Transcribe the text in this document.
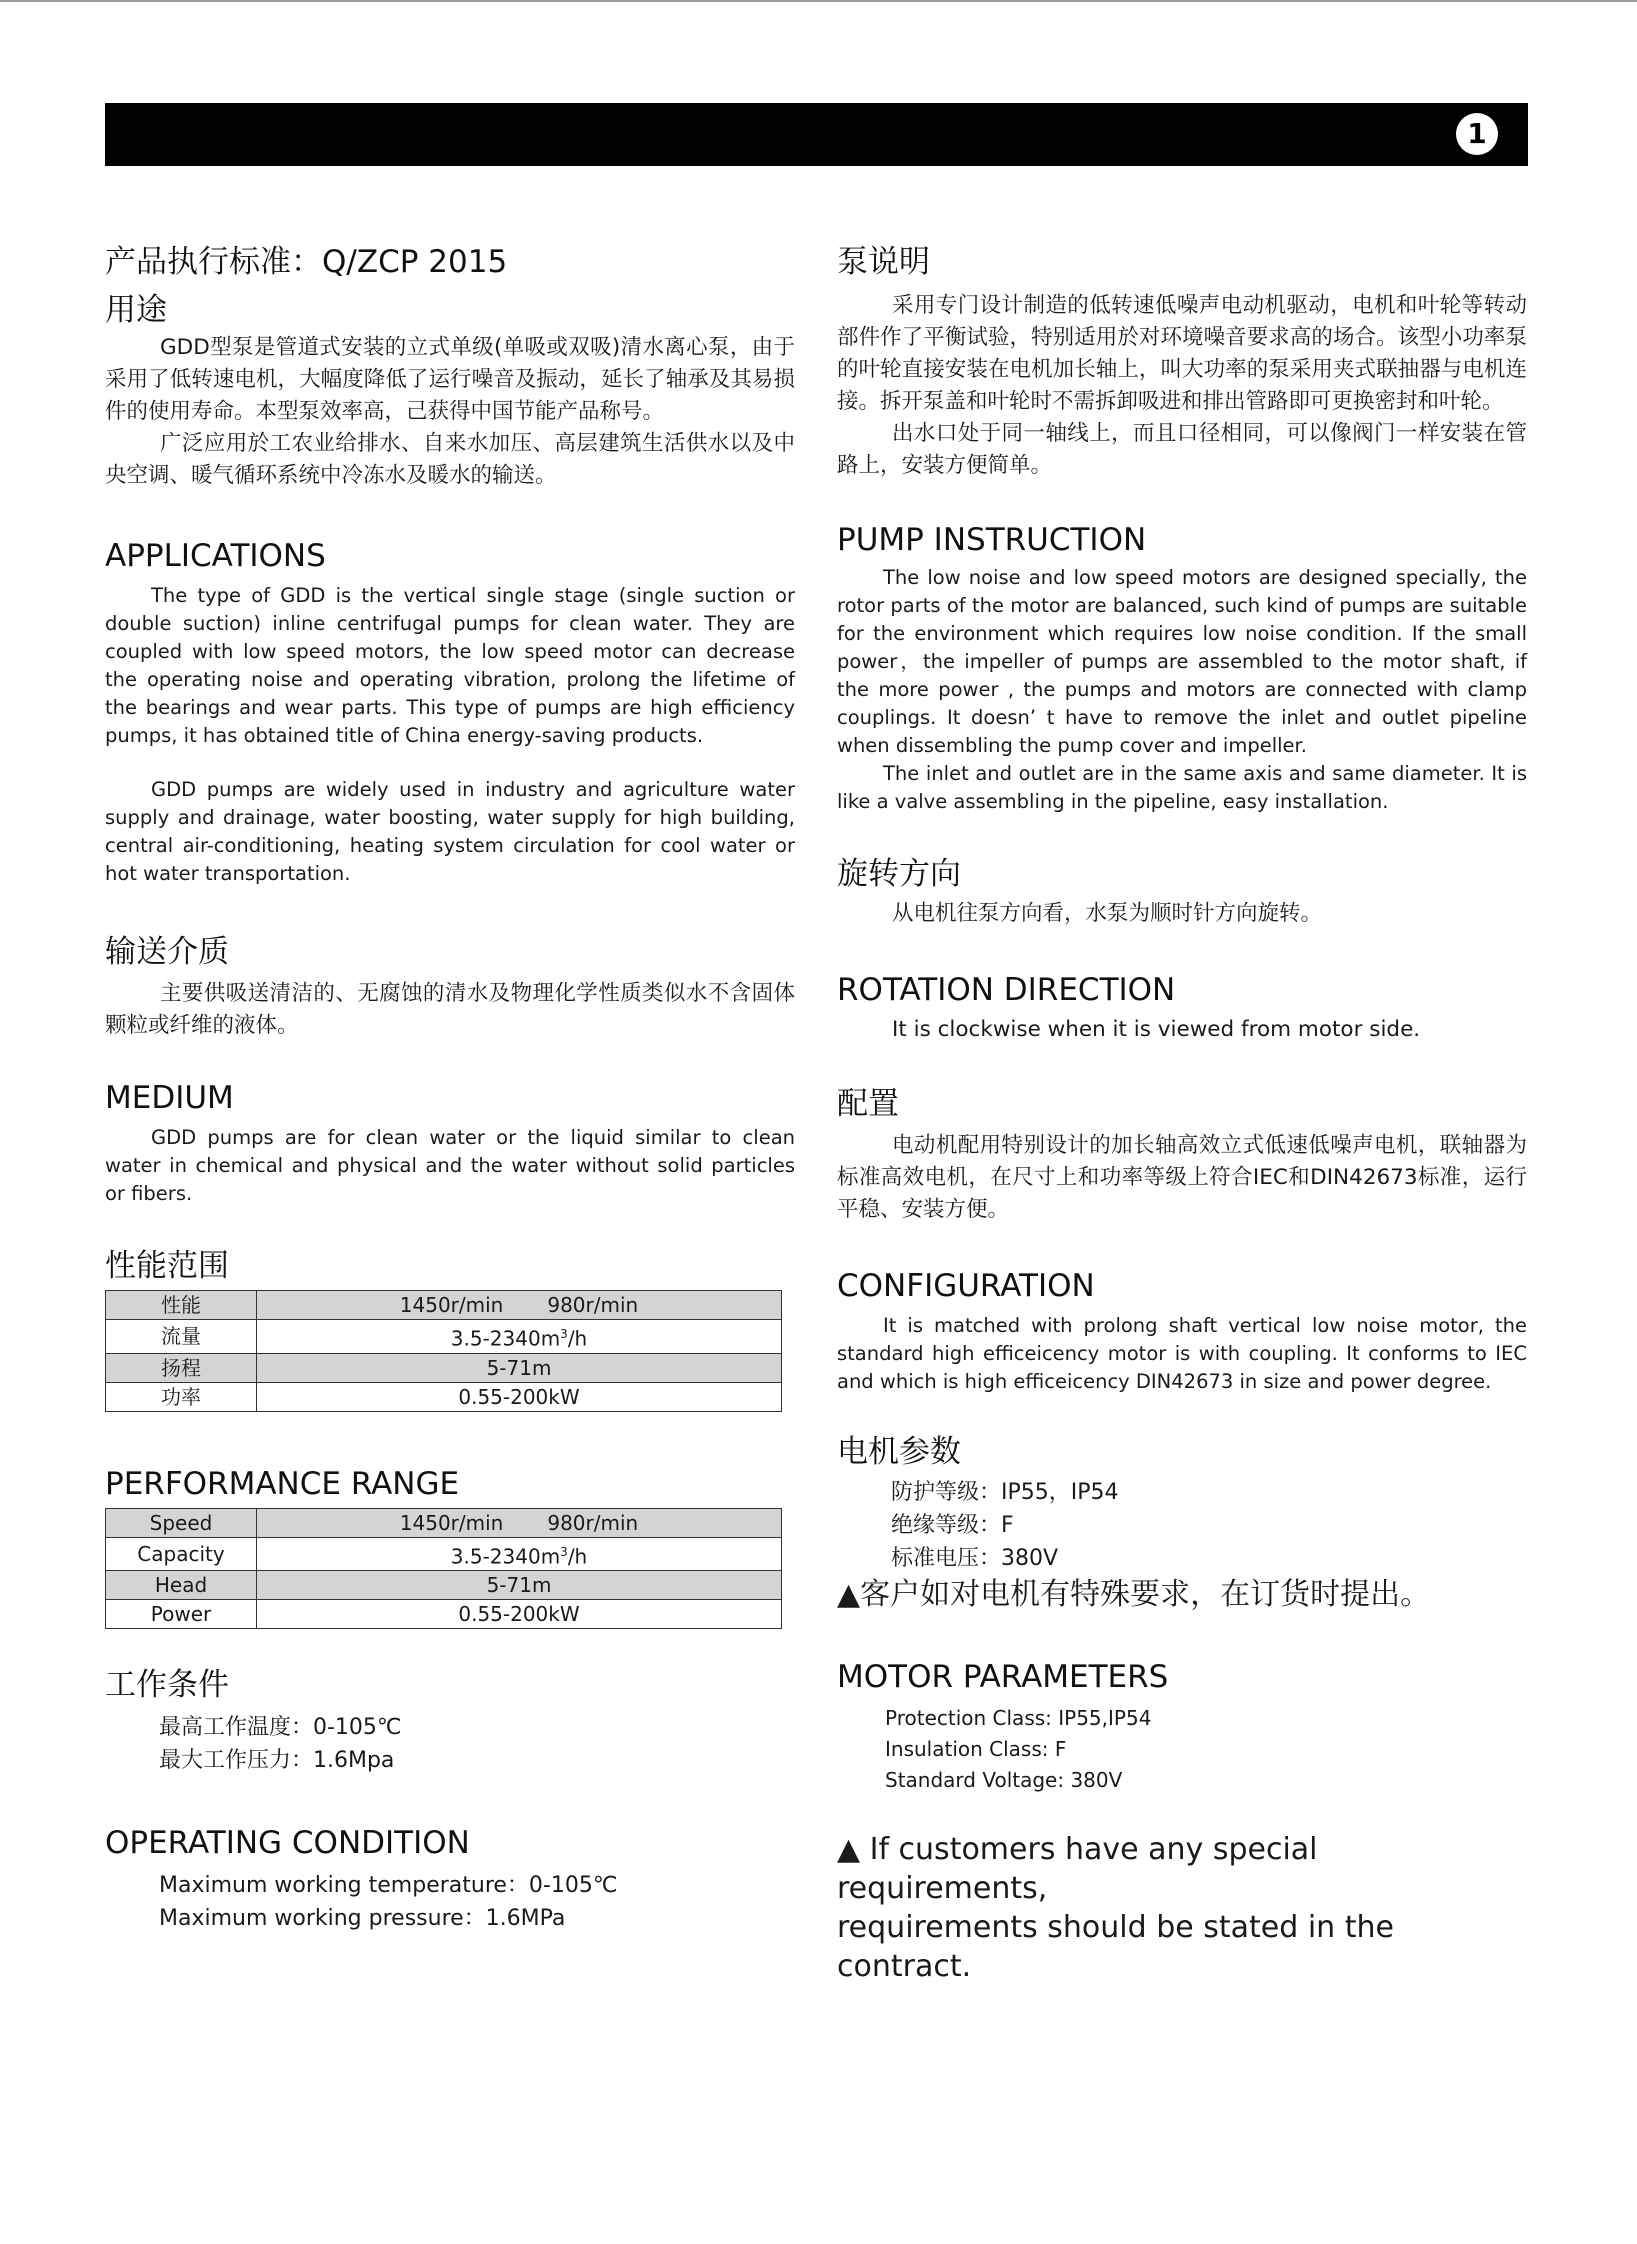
1
产品执行标准：Q/ZCP 2015
用途

GDD型泵是管道式安装的立式单级(单吸或双吸)清水离心泵，由于采用了低转速电机，大幅度降低了运行噪音及振动，延长了轴承及其易损件的使用寿命。本型泵效率高，己获得中国节能产品称号。

广泛应用於工农业给排水、自来水加压、高层建筑生活供水以及中央空调、暖气循环系统中冷冻水及暖水的输送。

APPLICATIONS

The type of GDD is the vertical single stage (single suction or double suction) inline centrifugal pumps for clean water. They are coupled with low speed motors, the low speed motor can decrease the operating noise and operating vibration, prolong the lifetime of the bearings and wear parts. This type of pumps are high efficiency pumps, it has obtained title of China energy-saving products.

GDD pumps are widely used in industry and agriculture water supply and drainage, water boosting, water supply for high building, central air-conditioning, heating system circulation for cool water or hot water transportation.

输送介质

主要供吸送清洁的、无腐蚀的清水及物理化学性质类似水不含固体颗粒或纤维的液体。

MEDIUM

GDD pumps are for clean water or the liquid similar to clean water in chemical and physical and the water without solid particles or fibers.

性能范围
性能	1450r/min 980r/min
流量	$3.5-2340m^3/h$
扬程	5-71m
功率	0.55-200kW
PERFORMANCE RANGE
Speed	1450r/min 980r/min
Capacity	$3.5-2340m^3/h$
Head	5-71m
Power	0.55-200kW
工作条件
最高工作温度：0-105℃
最大工作压力：1.6Mpa
OPERATING CONDITION
Maximum working temperature：0-105℃
Maximum working pressure：1.6MPa
泵说明

采用专门设计制造的低转速低噪声电动机驱动，电机和叶轮等转动部件作了平衡试验，特别适用於对环境噪音要求高的场合。该型小功率泵的叶轮直接安装在电机加长轴上，叫大功率的泵采用夹式联抽器与电机连接。拆开泵盖和叶轮时不需拆卸吸进和排出管路即可更换密封和叶轮。

出水口处于同一轴线上，而且口径相同，可以像阀门一样安装在管路上，安装方便简单。

PUMP INSTRUCTION

The low noise and low speed motors are designed specially, the rotor parts of the motor are balanced, such kind of pumps are suitable for the environment which requires low noise condition. If the small power，the impeller of pumps are assembled to the motor shaft, if the more power , the pumps and motors are connected with clamp couplings. It doesn’ t have to remove the inlet and outlet pipeline when dissembling the pump cover and impeller.

The inlet and outlet are in the same axis and same diameter. It is like a valve assembling in the pipeline, easy installation.

旋转方向

从电机往泵方向看，水泵为顺时针方向旋转。

ROTATION DIRECTION

It is clockwise when it is viewed from motor side.

配置

电动机配用特别设计的加长轴高效立式低速低噪声电机，联轴器为标准高效电机，在尺寸上和功率等级上符合IEC和DIN42673标准，运行平稳、安装方便。

CONFIGURATION

It is matched with prolong shaft vertical low noise motor, the standard high efficeicency motor is with coupling. It conforms to IEC and which is high efficeicency DIN42673 in size and power degree.

电机参数
防护等级：IP55，IP54
绝缘等级：F
标准电压：380V
▲客户如对电机有特殊要求，在订货时提出。
MOTOR PARAMETERS
Protection Class: IP55,IP54
Insulation Class: F
Standard Voltage: 380V
▲ If customers have any special requirements,
requirements should be stated in the contract.
